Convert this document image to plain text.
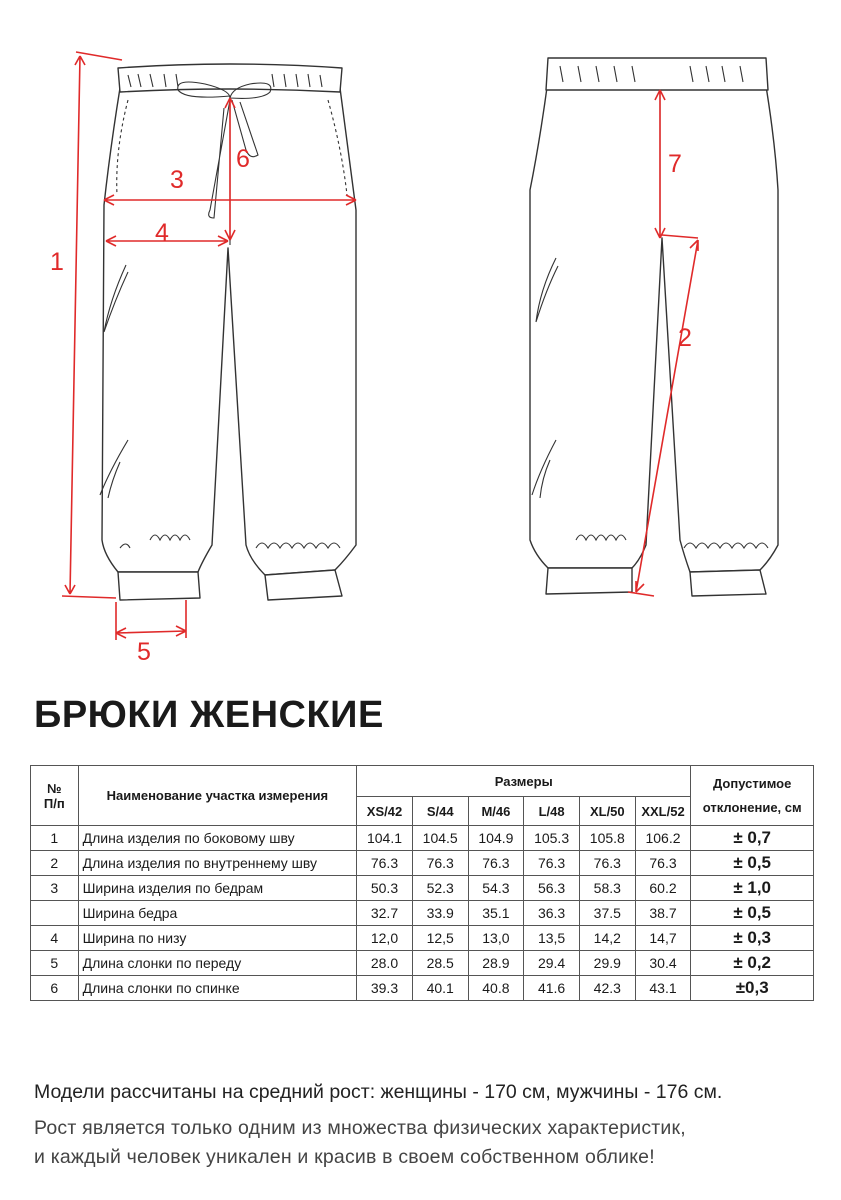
1
2
3
4
5
6	7
БРЮКИ ЖЕНСКИЕ
№
П/п	Наименование участка измерения	Размеры						Допустимое отклонение, см
		XS/42	S/44	M/46	L/48	XL/50	XXL/52	
1	Длина изделия по боковому шву	104.1	104.5	104.9	105.3	105.8	106.2	± 0,7
2	Длина изделия по внутреннему шву	76.3	76.3	76.3	76.3	76.3	76.3	± 0,5
3	Ширина изделия по бедрам	50.3	52.3	54.3	56.3	58.3	60.2	± 1,0
	Ширина бедра	32.7	33.9	35.1	36.3	37.5	38.7	± 0,5
4	Ширина по низу	12,0	12,5	13,0	13,5	14,2	14,7	± 0,3
5	Длина слонки по переду	28.0	28.5	28.9	29.4	29.9	30.4	± 0,2
6	Длина слонки по спинке	39.3	40.1	40.8	41.6	42.3	43.1	±0,3

Модели рассчитаны на средний рост: женщины - 170 см, мужчины - 176 см.

Рост является только одним из множества физических характеристик,
и каждый человек уникален и красив в своем собственном облике!
